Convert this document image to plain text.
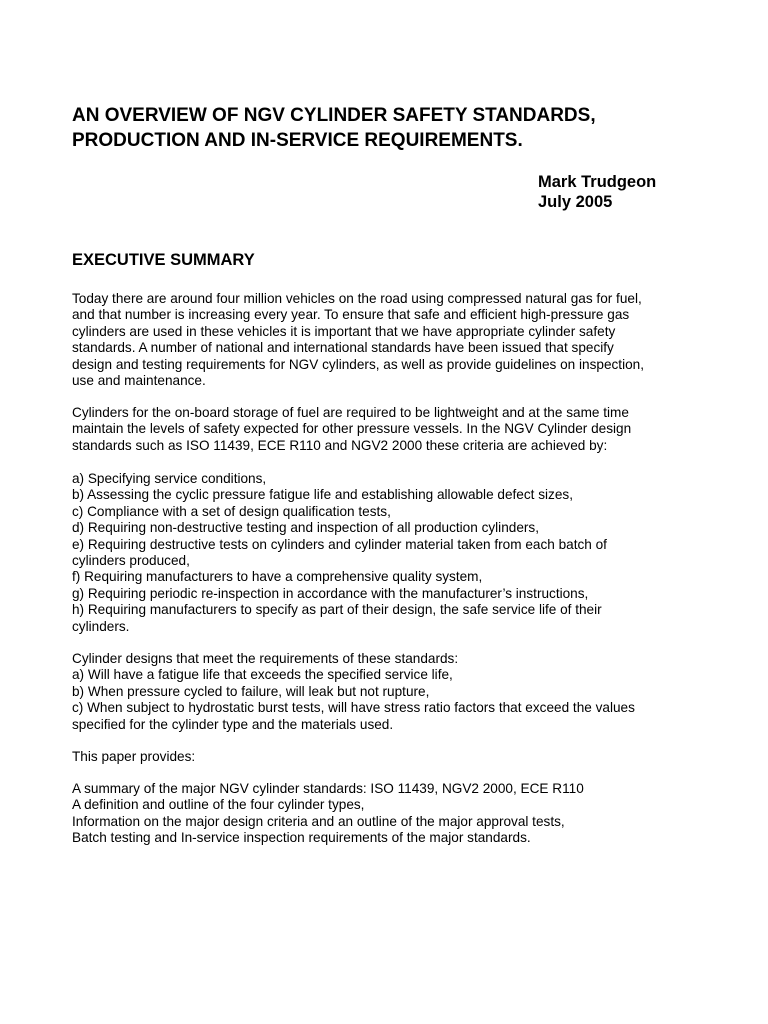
AN OVERVIEW OF NGV CYLINDER SAFETY STANDARDS,
PRODUCTION AND IN-SERVICE REQUIREMENTS.
Mark Trudgeon
July 2005
EXECUTIVE SUMMARY

Today there are around four million vehicles on the road using compressed natural gas for fuel,
and that number is increasing every year. To ensure that safe and efficient high-pressure gas
cylinders are used in these vehicles it is important that we have appropriate cylinder safety
standards. A number of national and international standards have been issued that specify
design and testing requirements for NGV cylinders, as well as provide guidelines on inspection,
use and maintenance.

Cylinders for the on-board storage of fuel are required to be lightweight and at the same time
maintain the levels of safety expected for other pressure vessels. In the NGV Cylinder design
standards such as ISO 11439, ECE R110 and NGV2 2000 these criteria are achieved by:

a) Specifying service conditions,
b) Assessing the cyclic pressure fatigue life and establishing allowable defect sizes,
c) Compliance with a set of design qualification tests,
d) Requiring non-destructive testing and inspection of all production cylinders,
e) Requiring destructive tests on cylinders and cylinder material taken from each batch of
cylinders produced,
f) Requiring manufacturers to have a comprehensive quality system,
g) Requiring periodic re-inspection in accordance with the manufacturer’s instructions,
h) Requiring manufacturers to specify as part of their design, the safe service life of their
cylinders.

Cylinder designs that meet the requirements of these standards:
a) Will have a fatigue life that exceeds the specified service life,
b) When pressure cycled to failure, will leak but not rupture,
c) When subject to hydrostatic burst tests, will have stress ratio factors that exceed the values
specified for the cylinder type and the materials used.

This paper provides:

A summary of the major NGV cylinder standards: ISO 11439, NGV2 2000, ECE R110
A definition and outline of the four cylinder types,
Information on the major design criteria and an outline of the major approval tests,
Batch testing and In-service inspection requirements of the major standards.
